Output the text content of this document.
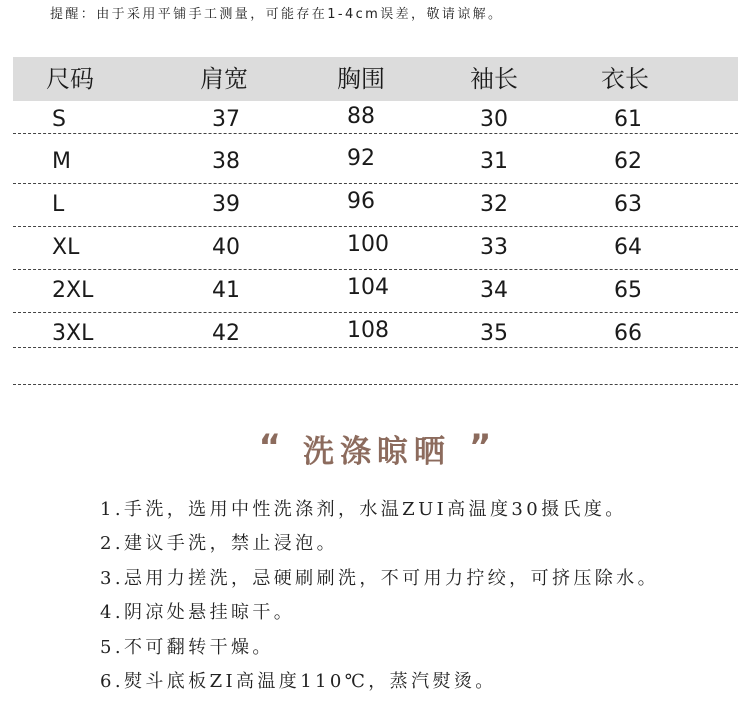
提醒：由于采用平铺手工测量，可能存在1-4cm误差，敬请谅解。
尺码	肩宽	胸围	袖长	衣长
S	37	88	30	61
M	38	92	31	62
L	39	96	32	63
XL	40	100	33	64
2XL	41	104	34	65
3XL	42	108	35	66
“ 洗涤晾晒 ”
1.手洗，选用中性洗涤剂，水温ZUI高温度30摄氏度。
2.建议手洗，禁止浸泡。
3.忌用力搓洗，忌硬刷刷洗，不可用力拧绞，可挤压除水。
4.阴凉处悬挂晾干。
5.不可翻转干燥。
6.熨斗底板ZI高温度110℃，蒸汽熨烫。
